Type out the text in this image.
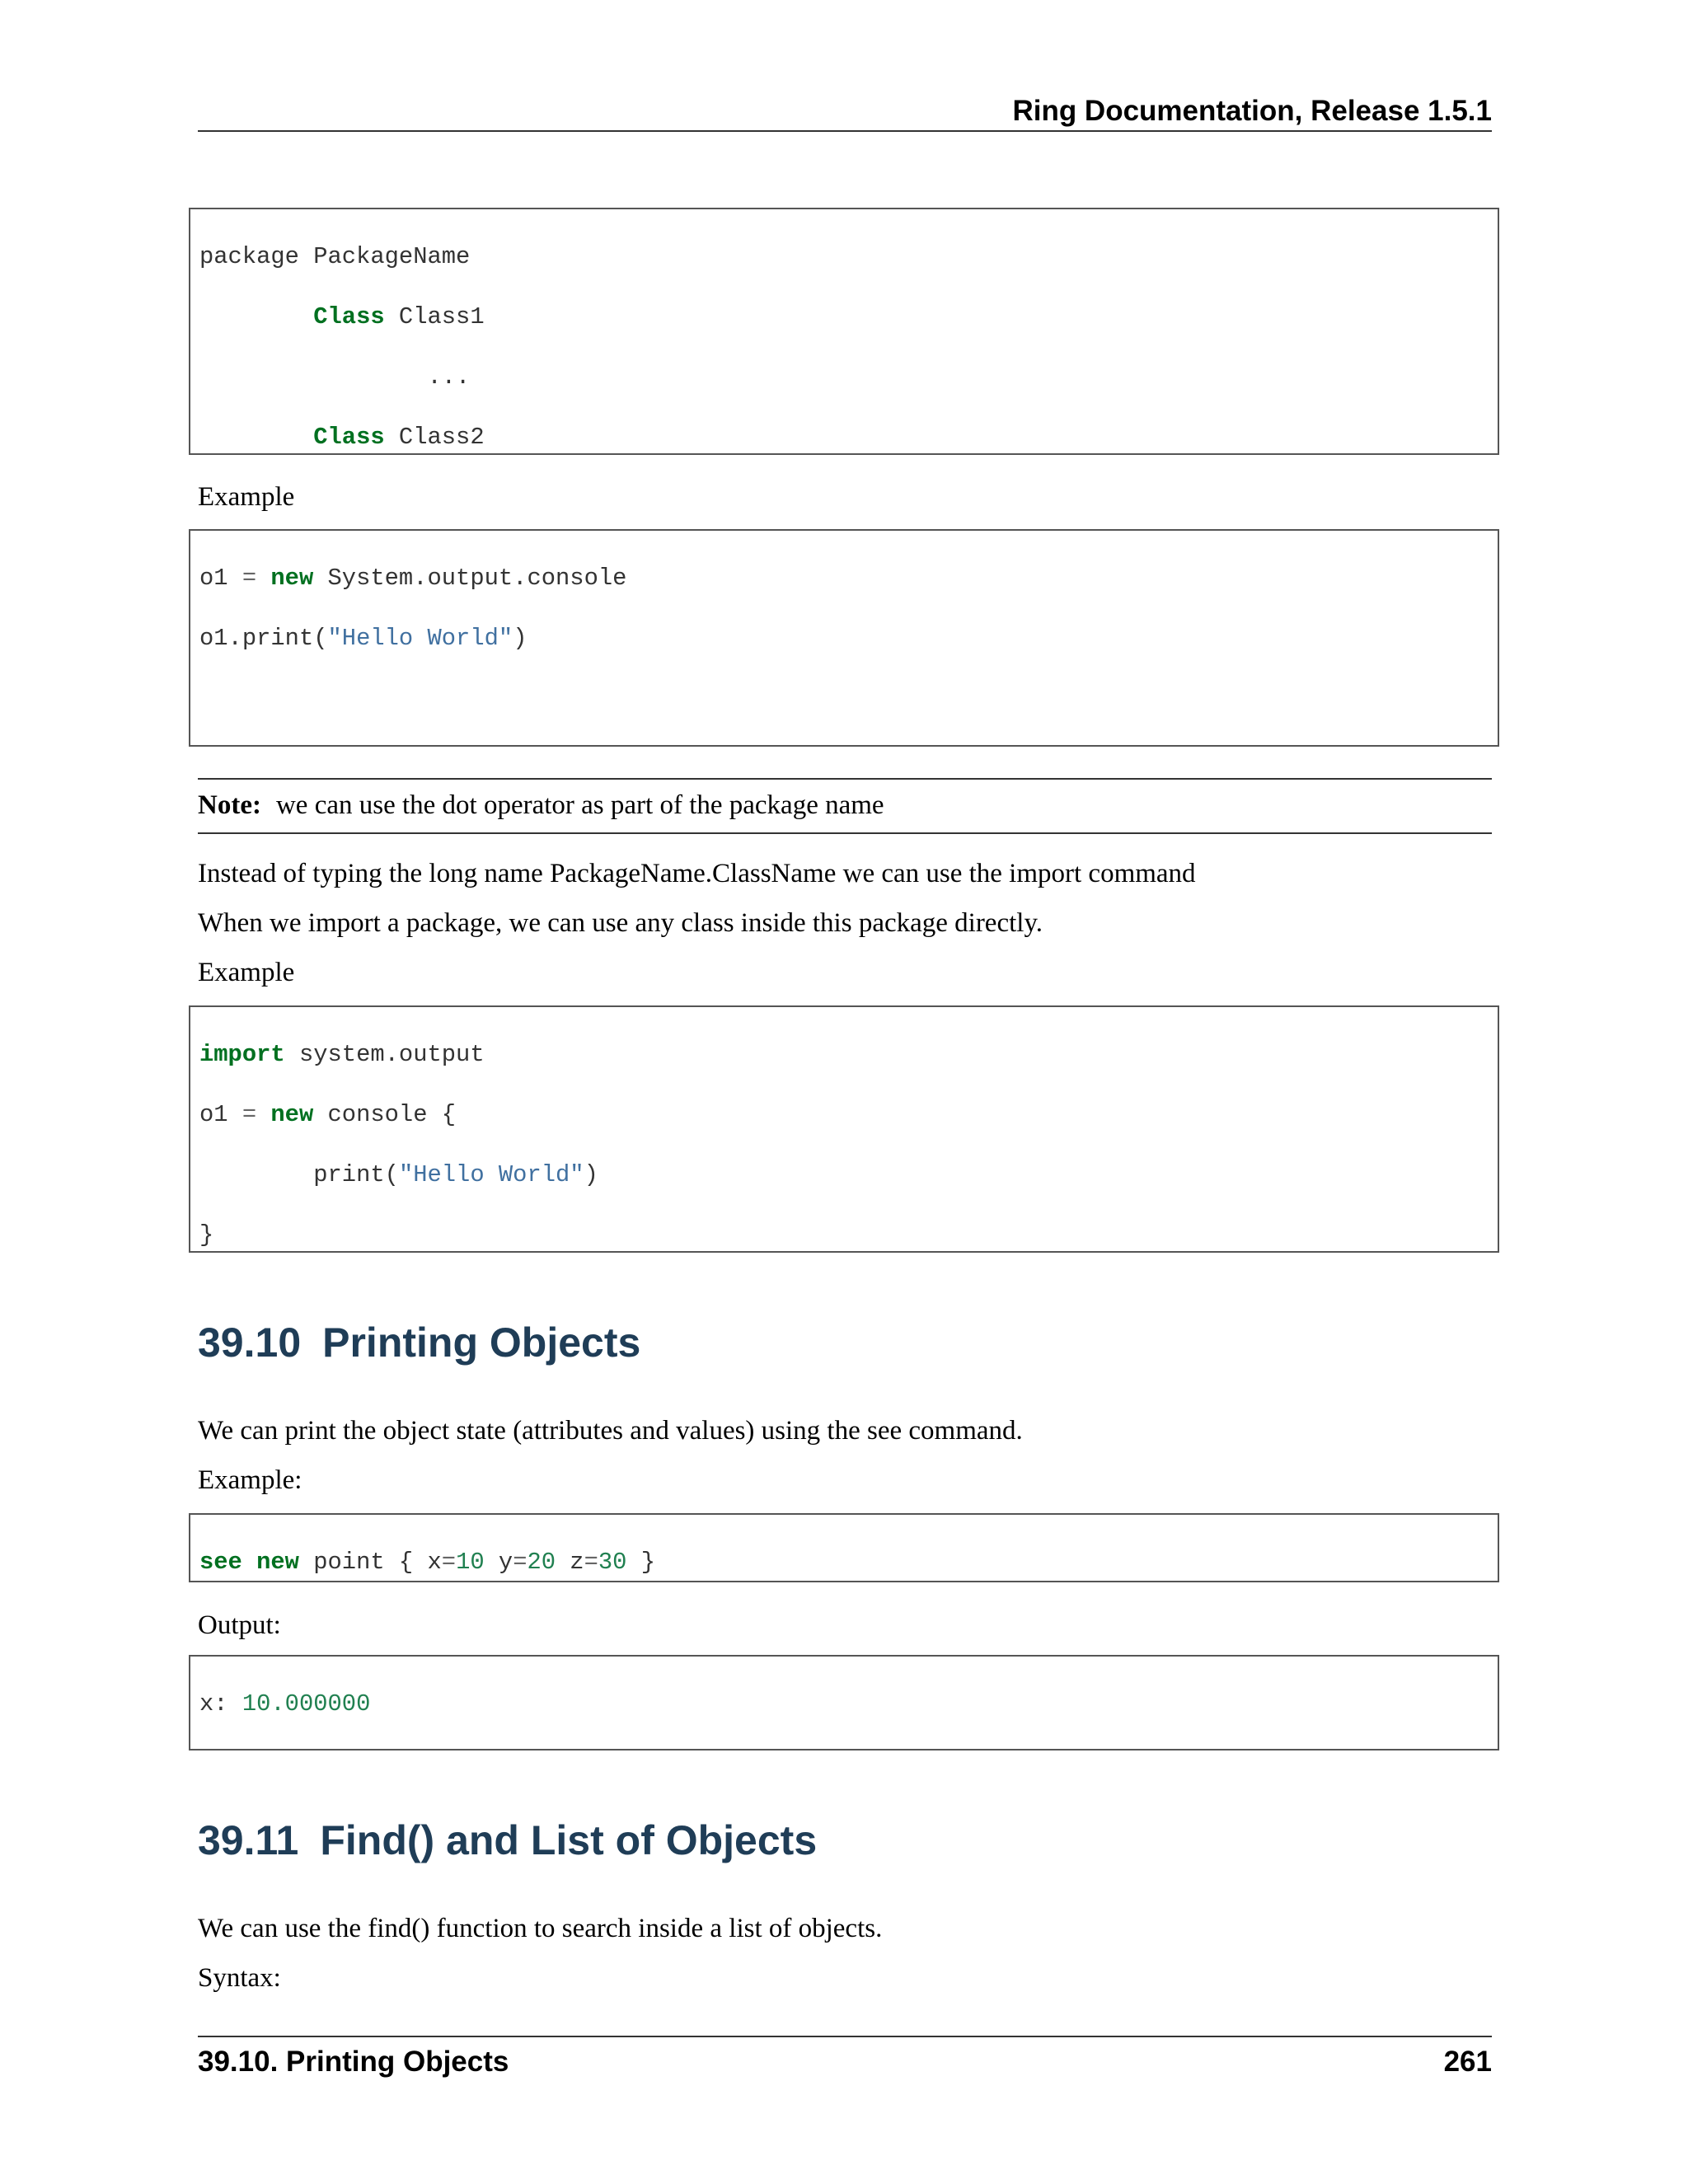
Ring Documentation, Release 1.5.1

package PackageName

Class Class1

...

Class Class2

Example

o1 = new System.output.console

o1.print("Hello World")

Note: we can use the dot operator as part of the package name
Instead of typing the long name PackageName.ClassName we can use the import command
When we import a package, we can use any class inside this package directly.
Example

import system.output

o1 = new console {

print("Hello World")

}

39.10 Printing Objects
We can print the object state (attributes and values) using the see command.
Example:

see new point { x=10 y=20 z=30 }

Output:

x: 10.000000

39.11 Find() and List of Objects
We can use the find() function to search inside a list of objects.
Syntax:
39.10. Printing Objects	261
